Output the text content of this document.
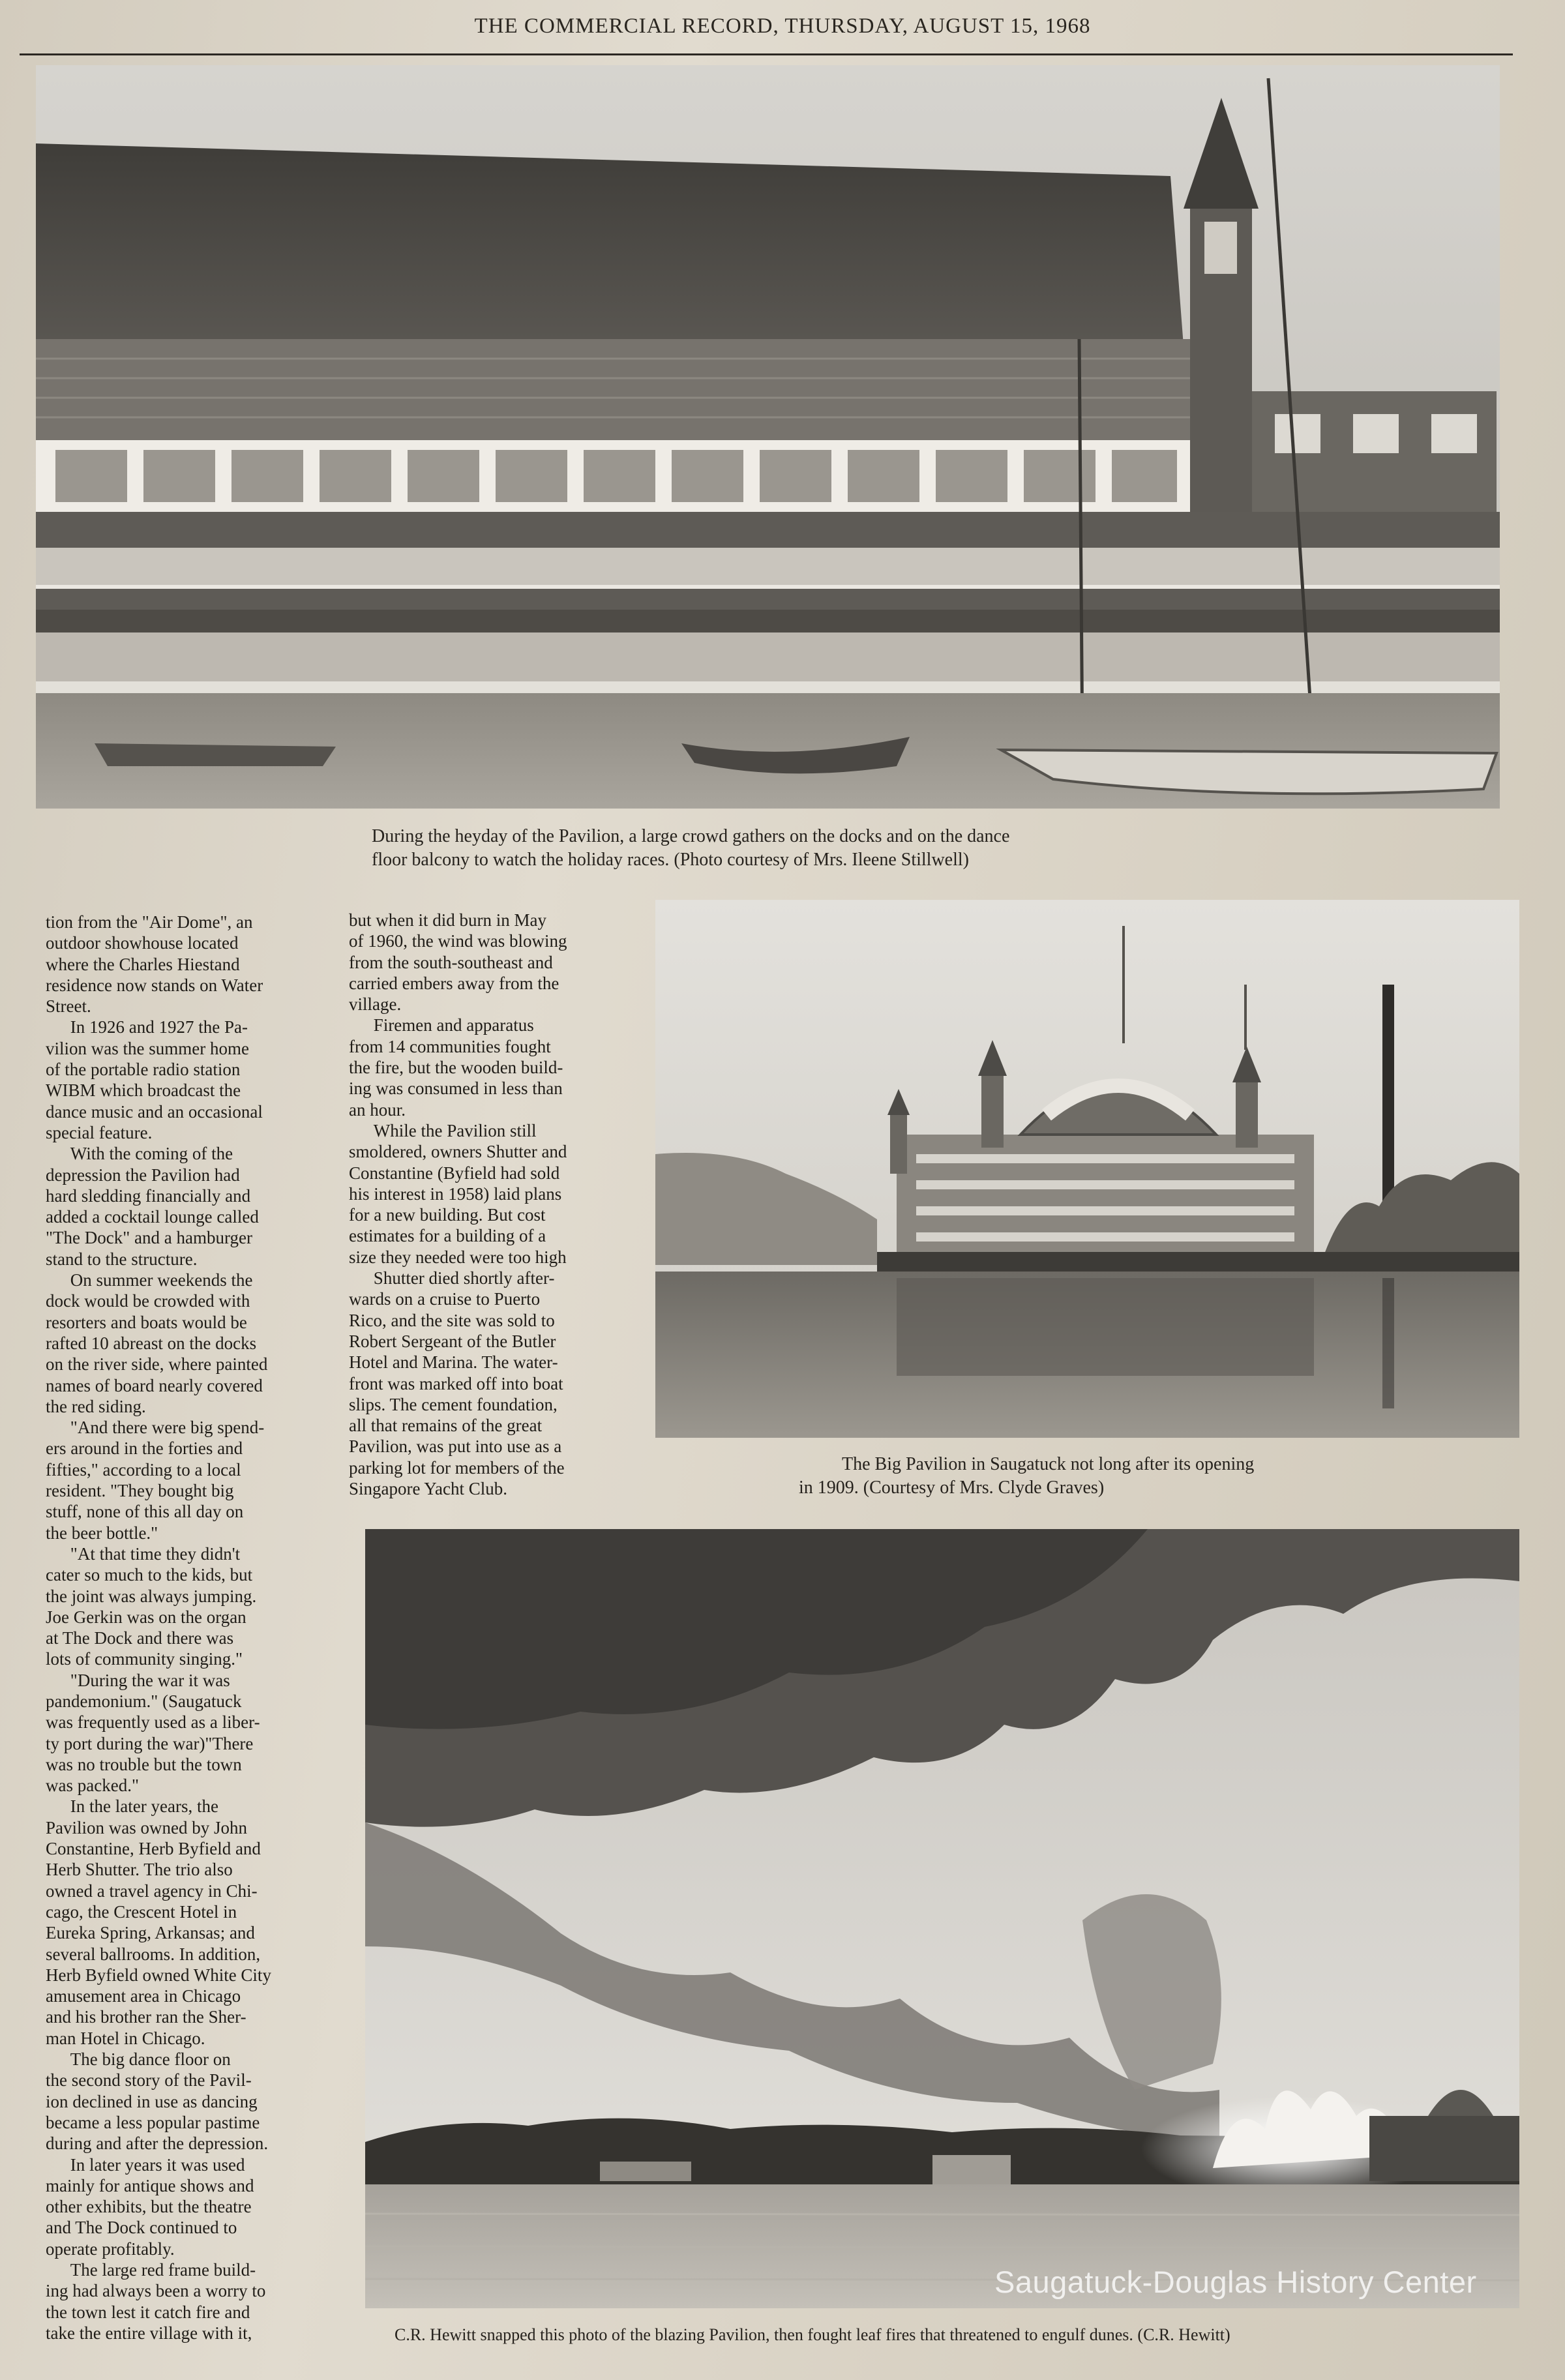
THE COMMERCIAL RECORD, THURSDAY, AUGUST 15, 1968
During the heyday of the Pavilion, a large crowd gathers on the docks and on the dance
floor balcony to watch the holiday races. (Photo courtesy of Mrs. Ileene Stillwell)

tion from the "Air Dome", an
outdoor showhouse located
where the Charles Hiestand
residence now stands on Water
Street.

In 1926 and 1927 the Pa-
vilion was the summer home
of the portable radio station
WIBM which broadcast the
dance music and an occasional
special feature.

With the coming of the
depression the Pavilion had
hard sledding financially and
added a cocktail lounge called
"The Dock" and a hamburger
stand to the structure.

On summer weekends the
dock would be crowded with
resorters and boats would be
rafted 10 abreast on the docks
on the river side, where painted
names of board nearly covered
the red siding.

"And there were big spend-
ers around in the forties and
fifties," according to a local
resident. "They bought big
stuff, none of this all day on
the beer bottle."

"At that time they didn't
cater so much to the kids, but
the joint was always jumping.
Joe Gerkin was on the organ
at The Dock and there was
lots of community singing."

"During the war it was
pandemonium." (Saugatuck
was frequently used as a liber-
ty port during the war)"There
was no trouble but the town
was packed."

In the later years, the
Pavilion was owned by John
Constantine, Herb Byfield and
Herb Shutter. The trio also
owned a travel agency in Chi-
cago, the Crescent Hotel in
Eureka Spring, Arkansas; and
several ballrooms. In addition,
Herb Byfield owned White City
amusement area in Chicago
and his brother ran the Sher-
man Hotel in Chicago.

The big dance floor on
the second story of the Pavil-
ion declined in use as dancing
became a less popular pastime
during and after the depression.

In later years it was used
mainly for antique shows and
other exhibits, but the theatre
and The Dock continued to
operate profitably.

The large red frame build-
ing had always been a worry to
the town lest it catch fire and
take the entire village with it,

but when it did burn in May
of 1960, the wind was blowing
from the south-southeast and
carried embers away from the
village.

Firemen and apparatus
from 14 communities fought
the fire, but the wooden build-
ing was consumed in less than
an hour.

While the Pavilion still
smoldered, owners Shutter and
Constantine (Byfield had sold
his interest in 1958) laid plans
for a new building. But cost
estimates for a building of a
size they needed were too high

Shutter died shortly after-
wards on a cruise to Puerto
Rico, and the site was sold to
Robert Sergeant of the Butler
Hotel and Marina. The water-
front was marked off into boat
slips. The cement foundation,
all that remains of the great
Pavilion, was put into use as a
parking lot for members of the
Singapore Yacht Club.

The Big Pavilion in Saugatuck not long after its opening
in 1909. (Courtesy of Mrs. Clyde Graves)
C.R. Hewitt snapped this photo of the blazing Pavilion, then fought leaf fires that threatened to engulf dunes. (C.R. Hewitt)
Saugatuck-Douglas History Center
